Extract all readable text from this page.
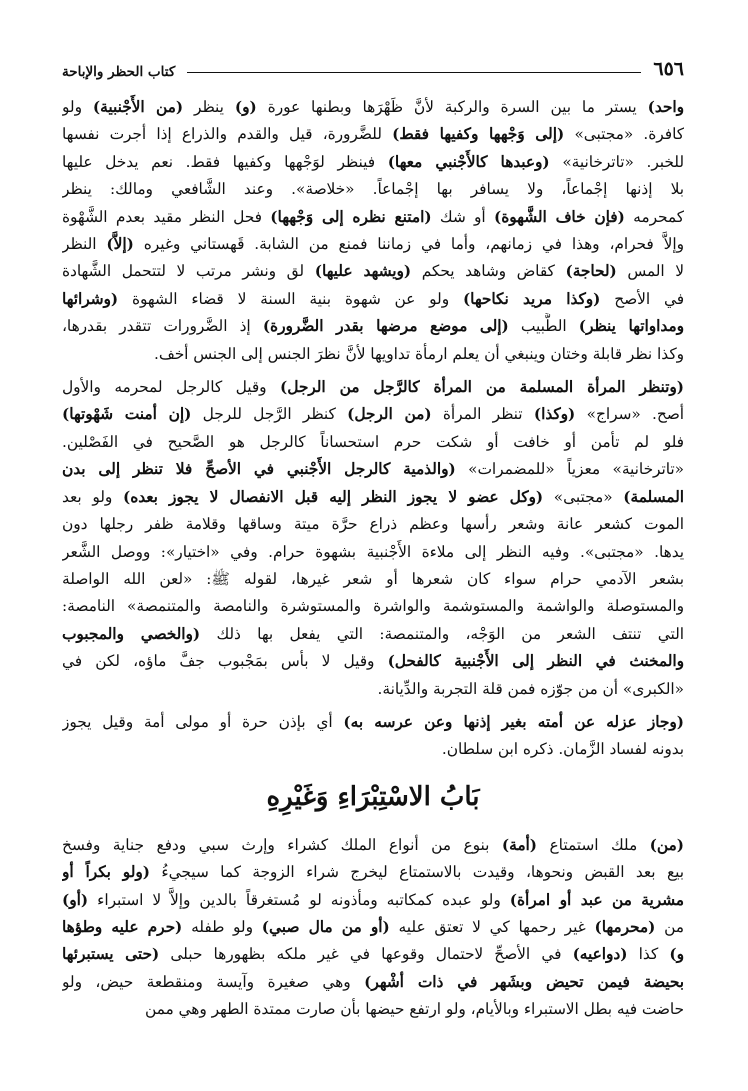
٦٥٦
كتاب الحظر والإباحة

واحد) يستر ما بين السرة والركبة لأنَّ ظَهْرَها وبطنها عورة (و) ينظر (من الأَجْنبية) ولو
كافرة. «مجتبى» (إلى وَجْهها وكفيها فقط) للضَّرورة، قيل والقدم والذراع إذا أجرت نفسها
للخبر. «تاترخانية» (وعبدها كالأَجْنبي معها) فينظر لوَجْهها وكفيها فقط. نعم يدخل عليها
بلا إذنها إجْماعاً، ولا يسافر بها إجْماعاً. «خلاصة». وعند الشَّافعي ومالك: ينظر
كمحرمه (فإن خاف الشَّهوة) أو شك (امتنع نظره إلى وَجْهها) فحل النظر مقيد بعدم الشَّهْوة
وإلاَّ فحرام، وهذا في زمانهم، وأما في زماننا فمنع من الشابة. قَهستاني وغيره (إلاَّ) النظر
لا المس (لحاجة) كقاض وشاهد يحكم (ويشهد عليها) لق ونشر مرتب لا لتتحمل الشَّهادة
في الأصح (وكذا مريد نكاحها) ولو عن شهوة بنية السنة لا قضاء الشهوة (وشرائها
ومداواتها ينظر) الطَّبيب (إلى موضع مرضها بقدر الضَّرورة) إذ الضَّرورات تتقدر بقدرها،
وكذا نظر قابلة وختان وينبغي أن يعلم ارمأة تداويها لأنَّ نظرَ الجنس إلى الجنس أخف.

(وتنظر المرأة المسلمة من المرأة كالرَّجل من الرجل) وقيل كالرجل لمحرمه والأول
أصح. «سراج» (وكذا) تنظر المرأة (من الرجل) كنظر الرَّجل للرجل (إن أمنت شَهْوتها)
فلو لم تأمن أو خافت أو شكت حرم استحساناً كالرجل هو الصَّحيح في الفَصْلين.
«تاترخانية» معزياً «للمضمرات» (والذمية كالرجل الأَجْنبي في الأصحِّ فلا تنظر إلى بدن
المسلمة) «مجتبى» (وكل عضو لا يجوز النظر إليه قبل الانفصال لا يجوز بعده) ولو بعد
الموت كشعر عانة وشعر رأسها وعظم ذراع حرَّة ميتة وساقها وقلامة ظفر رجلها دون
يدها. «مجتبى». وفيه النظر إلى ملاءة الأَجْنبية بشهوة حرام. وفي «اختيار»: ووصل الشَّعر
بشعر الآدمي حرام سواء كان شعرها أو شعر غيرها، لقوله ﷺ: «لعن الله الواصلة
والمستوصلة والواشمة والمستوشمة والواشرة والمستوشرة والنامصة والمتنمصة» النامصة:
التي تنتف الشعر من الوَجْه، والمتنمصة: التي يفعل بها ذلك (والخصي والمجبوب
والمخنث في النظر إلى الأَجْنبية كالفحل) وقيل لا بأس بمَجْبوب جفَّ ماؤه، لكن في
«الكبرى» أن من جوّزه فمن قلة التجربة والدِّيانة.

(وجاز عزله عن أمته بغير إذنها وعن عرسه به) أي بإذن حرة أو مولى أمة وقيل يجوز
بدونه لفساد الزَّمان. ذكره ابن سلطان.

بَابُ الاسْتِبْرَاءِ وَغَيْرِهِ

(من) ملك استمتاع (أمة) بنوع من أنواع الملك كشراء وإرث سبي ودفع جناية وفسخ
بيع بعد القبض ونحوها، وقيدت بالاستمتاع ليخرج شراء الزوجة كما سيجيءُ (ولو بكراً أو
مشرية من عبد أو امرأة) ولو عبده كمكاتبه ومأذونه لو مُستغرقاً بالدين وإلاَّ لا استبراء (أو)
من (محرمها) غير رحمها كي لا تعتق عليه (أو من مال صبي) ولو طفله (حرم عليه وطؤها
و) كذا (دواعيه) في الأصحِّ لاحتمال وقوعها في غير ملكه بظهورها حبلى (حتى يستبرئها
بحيضة فيمن تحيض وبشَهر في ذات أشْهر) وهي صغيرة وآيسة ومنقطعة حيض، ولو
حاضت فيه بطل الاستبراء وبالأيام، ولو ارتفع حيضها بأن صارت ممتدة الطهر وهي ممن
